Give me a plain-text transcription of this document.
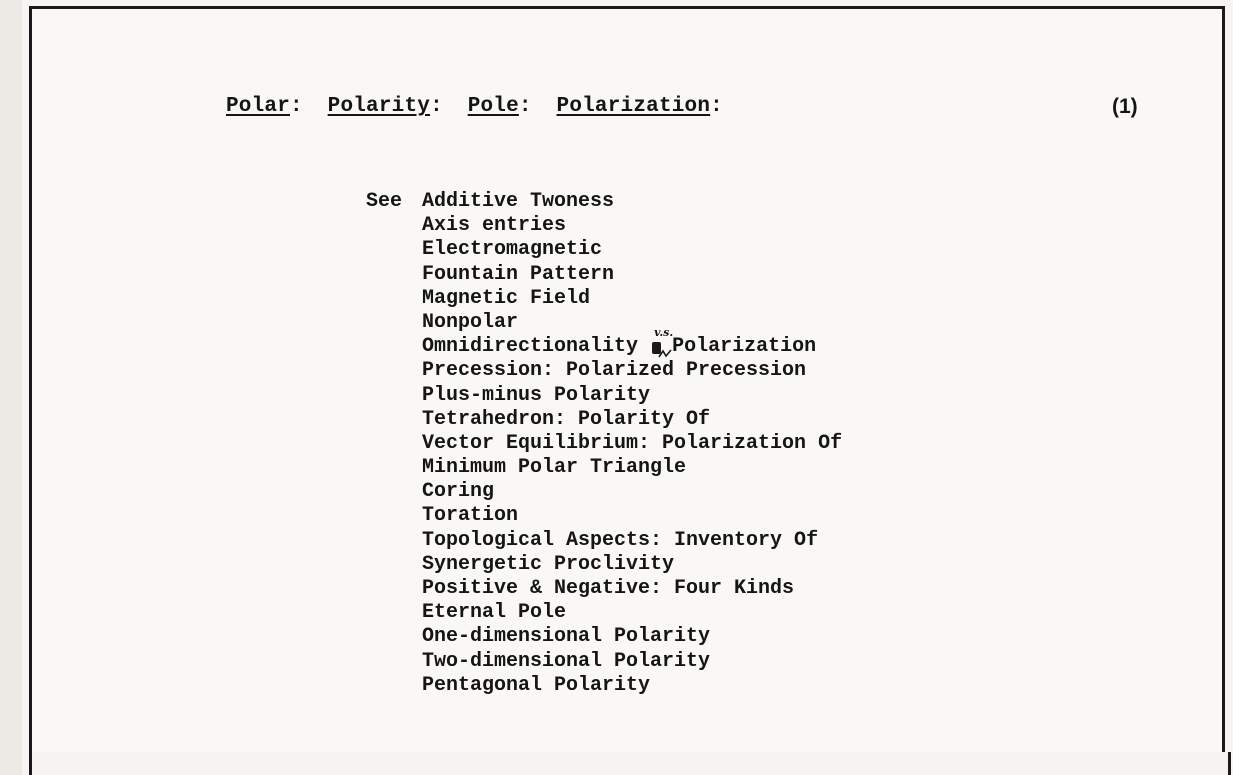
Polar: Polarity: Pole: Polarization:	(1)
See Additive Twoness
Axis entries
Electromagnetic
Fountain Pattern
Magnetic Field
Nonpolar
Omnidirectionality
v.s.
Polarization
Precession: Polarized Precession
Plus-minus Polarity
Tetrahedron: Polarity Of
Vector Equilibrium: Polarization Of
Minimum Polar Triangle
Coring
Toration
Topological Aspects: Inventory Of
Synergetic Proclivity
Positive & Negative: Four Kinds
Eternal Pole
One-dimensional Polarity
Two-dimensional Polarity
Pentagonal Polarity
